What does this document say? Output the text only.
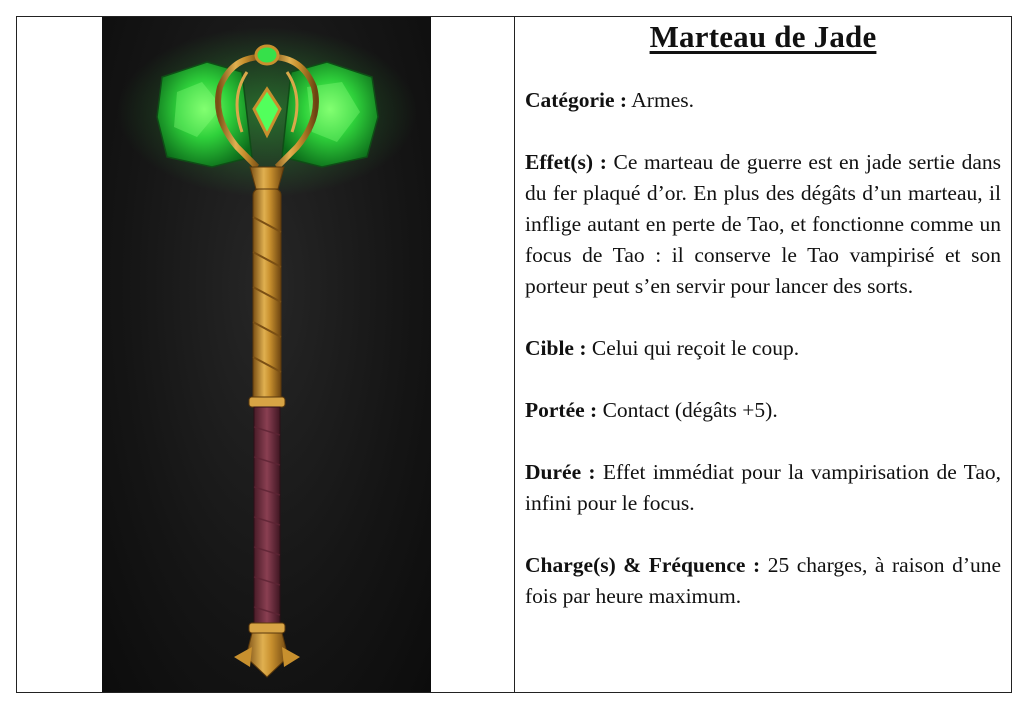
Marteau de Jade

Catégorie : Armes.

Effet(s) : Ce marteau de guerre est en jade sertie dans du fer plaqué d’or. En plus des dégâts d’un marteau, il inflige autant en perte de Tao, et fonctionne comme un focus de Tao : il conserve le Tao vampirisé et son porteur peut s’en servir pour lancer des sorts.

Cible : Celui qui reçoit le coup.

Portée : Contact (dégâts +5).

Durée : Effet immédiat pour la vampirisation de Tao, infini pour le focus.

Charge(s) & Fréquence : 25 charges, à raison d’une fois par heure maximum.
